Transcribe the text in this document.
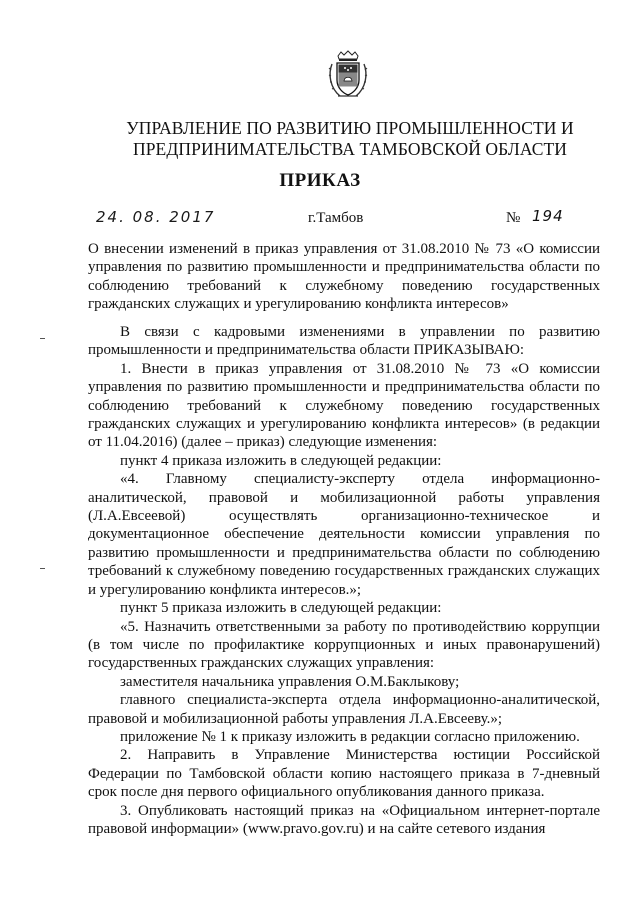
УПРАВЛЕНИЕ ПО РАЗВИТИЮ ПРОМЫШЛЕННОСТИ И
ПРЕДПРИНИМАТЕЛЬСТВА ТАМБОВСКОЙ ОБЛАСТИ
ПРИКАЗ
24. 08. 2017	г.Тамбов	№ 194

О внесении изменений в приказ управления от 31.08.2010 № 73 «О комиссии управления по развитию промышленности и предпринимательства области по соблюдению требований к служебному поведению государственных гражданских служащих и урегулированию конфликта интересов»

В связи с кадровыми изменениями в управлении по развитию промышленности и предпринимательства области ПРИКАЗЫВАЮ:

1. Внести в приказ управления от 31.08.2010 № 73 «О комиссии управления по развитию промышленности и предпринимательства области по соблюдению требований к служебному поведению государственных гражданских служащих и урегулированию конфликта интересов» (в редакции от 11.04.2016) (далее – приказ) следующие изменения:

пункт 4 приказа изложить в следующей редакции:

«4. Главному специалисту-эксперту отдела информационно-аналитической, правовой и мобилизационной работы управления (Л.А.Евсеевой) осуществлять организационно-техническое и документационное обеспечение деятельности комиссии управления по развитию промышленности и предпринимательства области по соблюдению требований к служебному поведению государственных гражданских служащих и урегулированию конфликта интересов.»;

пункт 5 приказа изложить в следующей редакции:

«5. Назначить ответственными за работу по противодействию коррупции (в том числе по профилактике коррупционных и иных правонарушений) государственных гражданских служащих управления:

заместителя начальника управления О.М.Баклыкову;

главного специалиста-эксперта отдела информационно-аналитической, правовой и мобилизационной работы управления Л.А.Евсееву.»;

приложение № 1 к приказу изложить в редакции согласно приложению.

2. Направить в Управление Министерства юстиции Российской Федерации по Тамбовской области копию настоящего приказа в 7-дневный срок после дня первого официального опубликования данного приказа.

3. Опубликовать настоящий приказ на «Официальном интернет-портале правовой информации» (www.pravo.gov.ru) и на сайте сетевого издания
